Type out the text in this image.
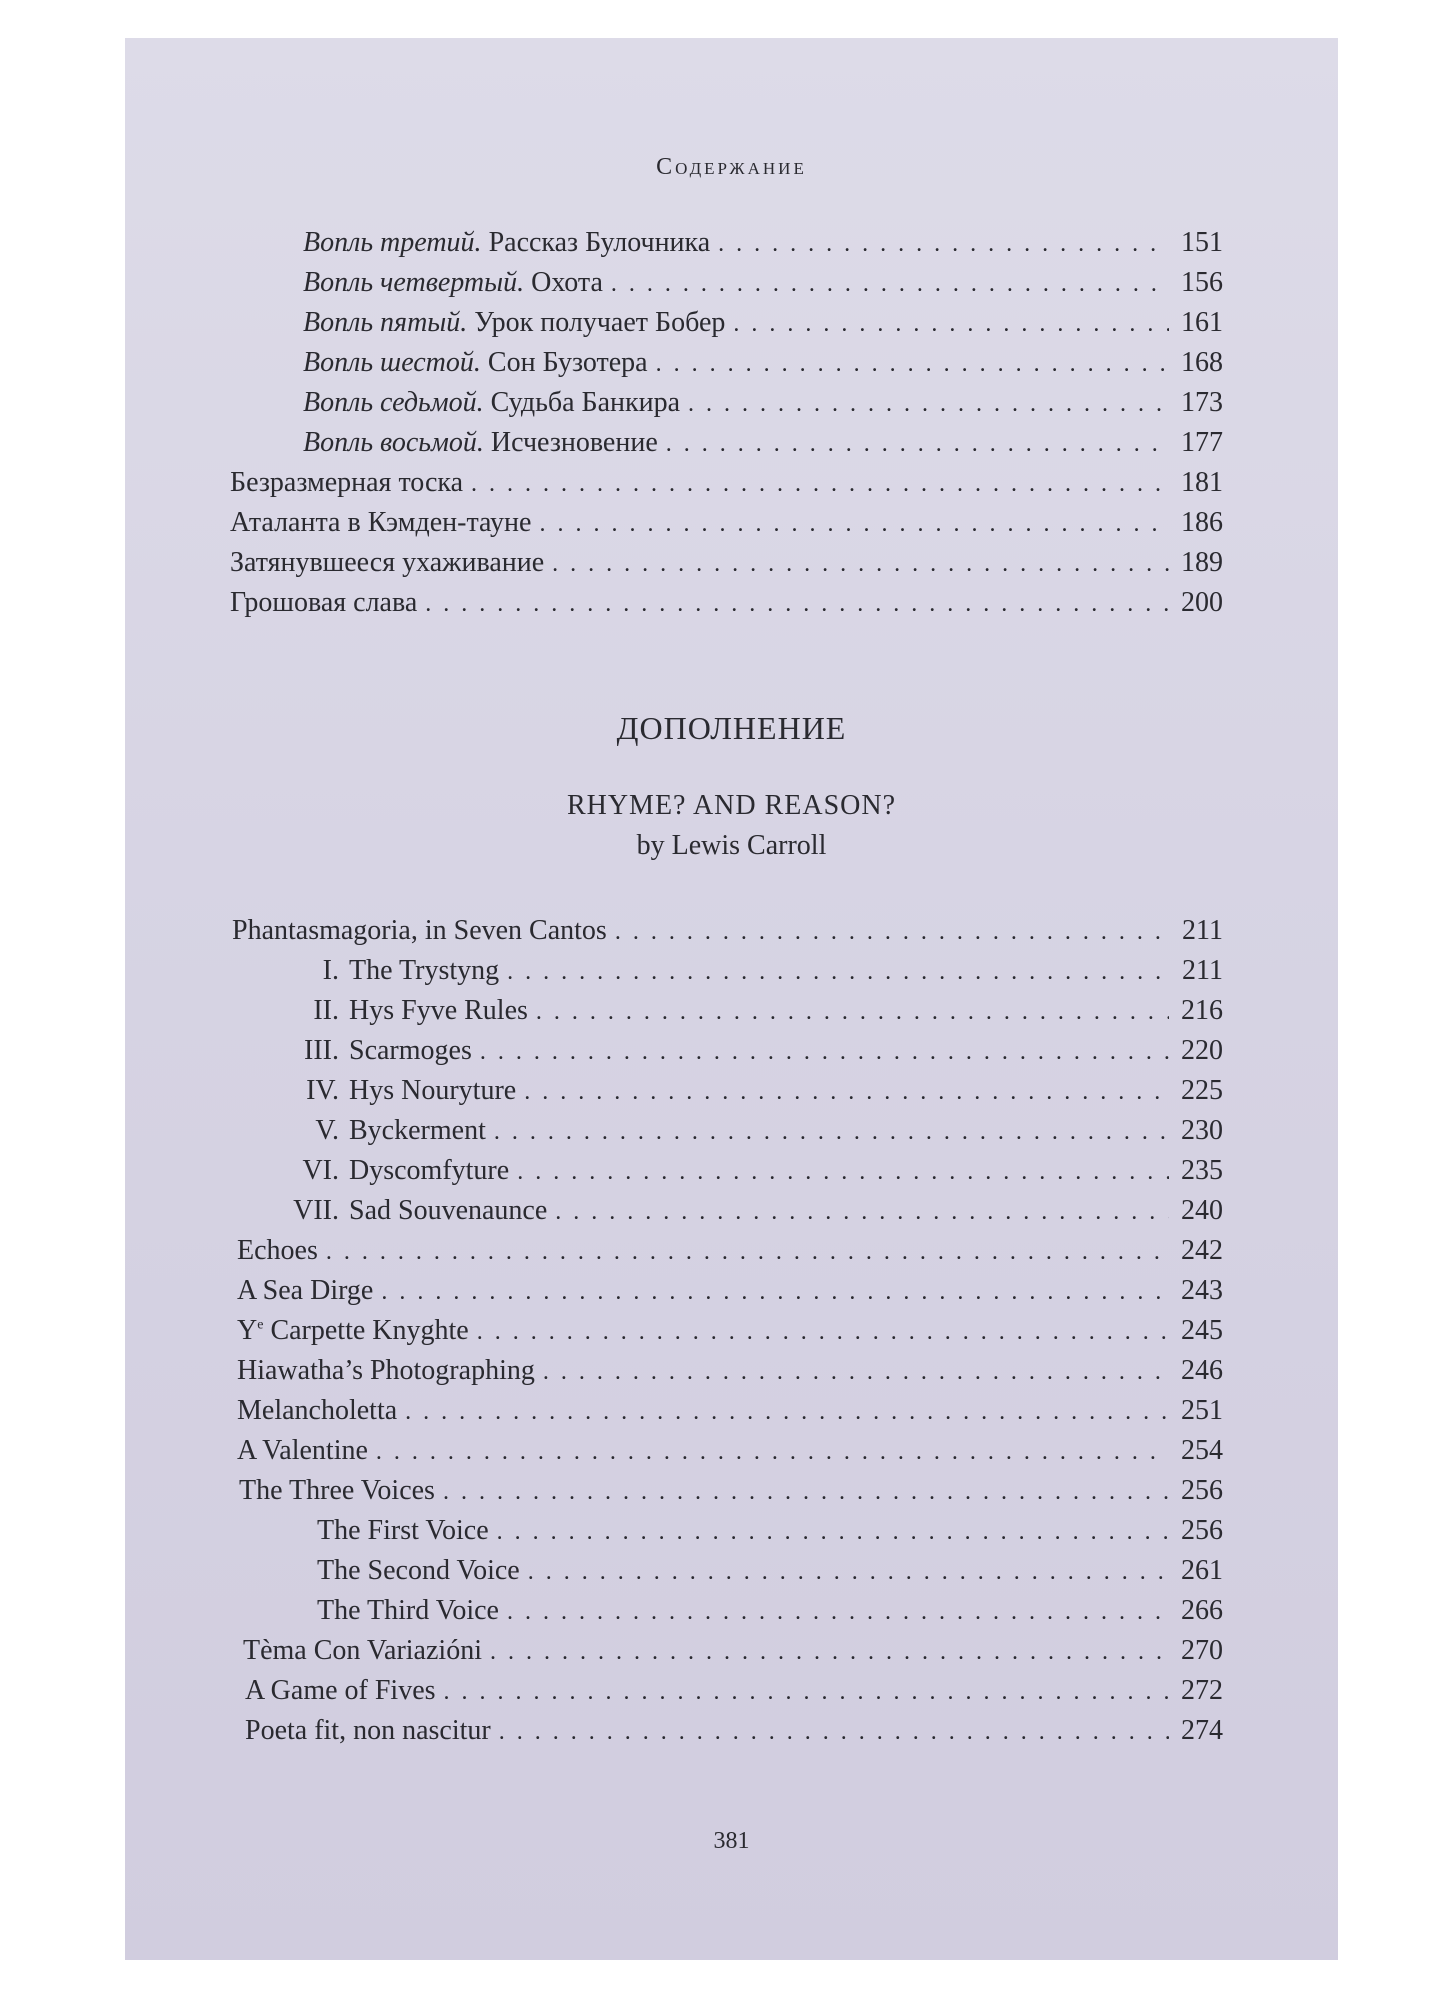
Содержание
Вопль третий. Рассказ Булочника . . .	151
Вопль четвертый. Охота . . .	156
Вопль пятый. Урок получает Бобер . . .	161
Вопль шестой. Сон Бузотера . . .	168
Вопль седьмой. Судьба Банкира . . .	173
Вопль восьмой. Исчезновение . . .	177
Безразмерная тоска . . .	181
Аталанта в Кэмден-тауне . . .	186
Затянувшееся ухаживание . . .	189
Грошовая слава . . .	200
ДОПОЛНЕНИЕ
RHYME? AND REASON?
by Lewis Carroll
Phantasmagoria, in Seven Cantos . . .	211
I. The Trystyng . . .	211
II. Hys Fyve Rules . . .	216
III. Scarmoges . . .	220
IV. Hys Nouryture . . .	225
V. Byckerment . . .	230
VI. Dyscomfyture . . .	235
VII. Sad Souvenaunce . . .	240
Echoes . . .	242
A Sea Dirge . . .	243
$Y^e$ Carpette Knyghte . . .	245
Hiawatha’s Photographing . . .	246
Melancholetta . . .	251
A Valentine . . .	254
The Three Voices . . .	256
The First Voice . . .	256
The Second Voice . . .	261
The Third Voice . . .	266
Tèma Con Variazióni . . .	270
A Game of Fives . . .	272
Poeta fit, non nascitur . . .	274
381
